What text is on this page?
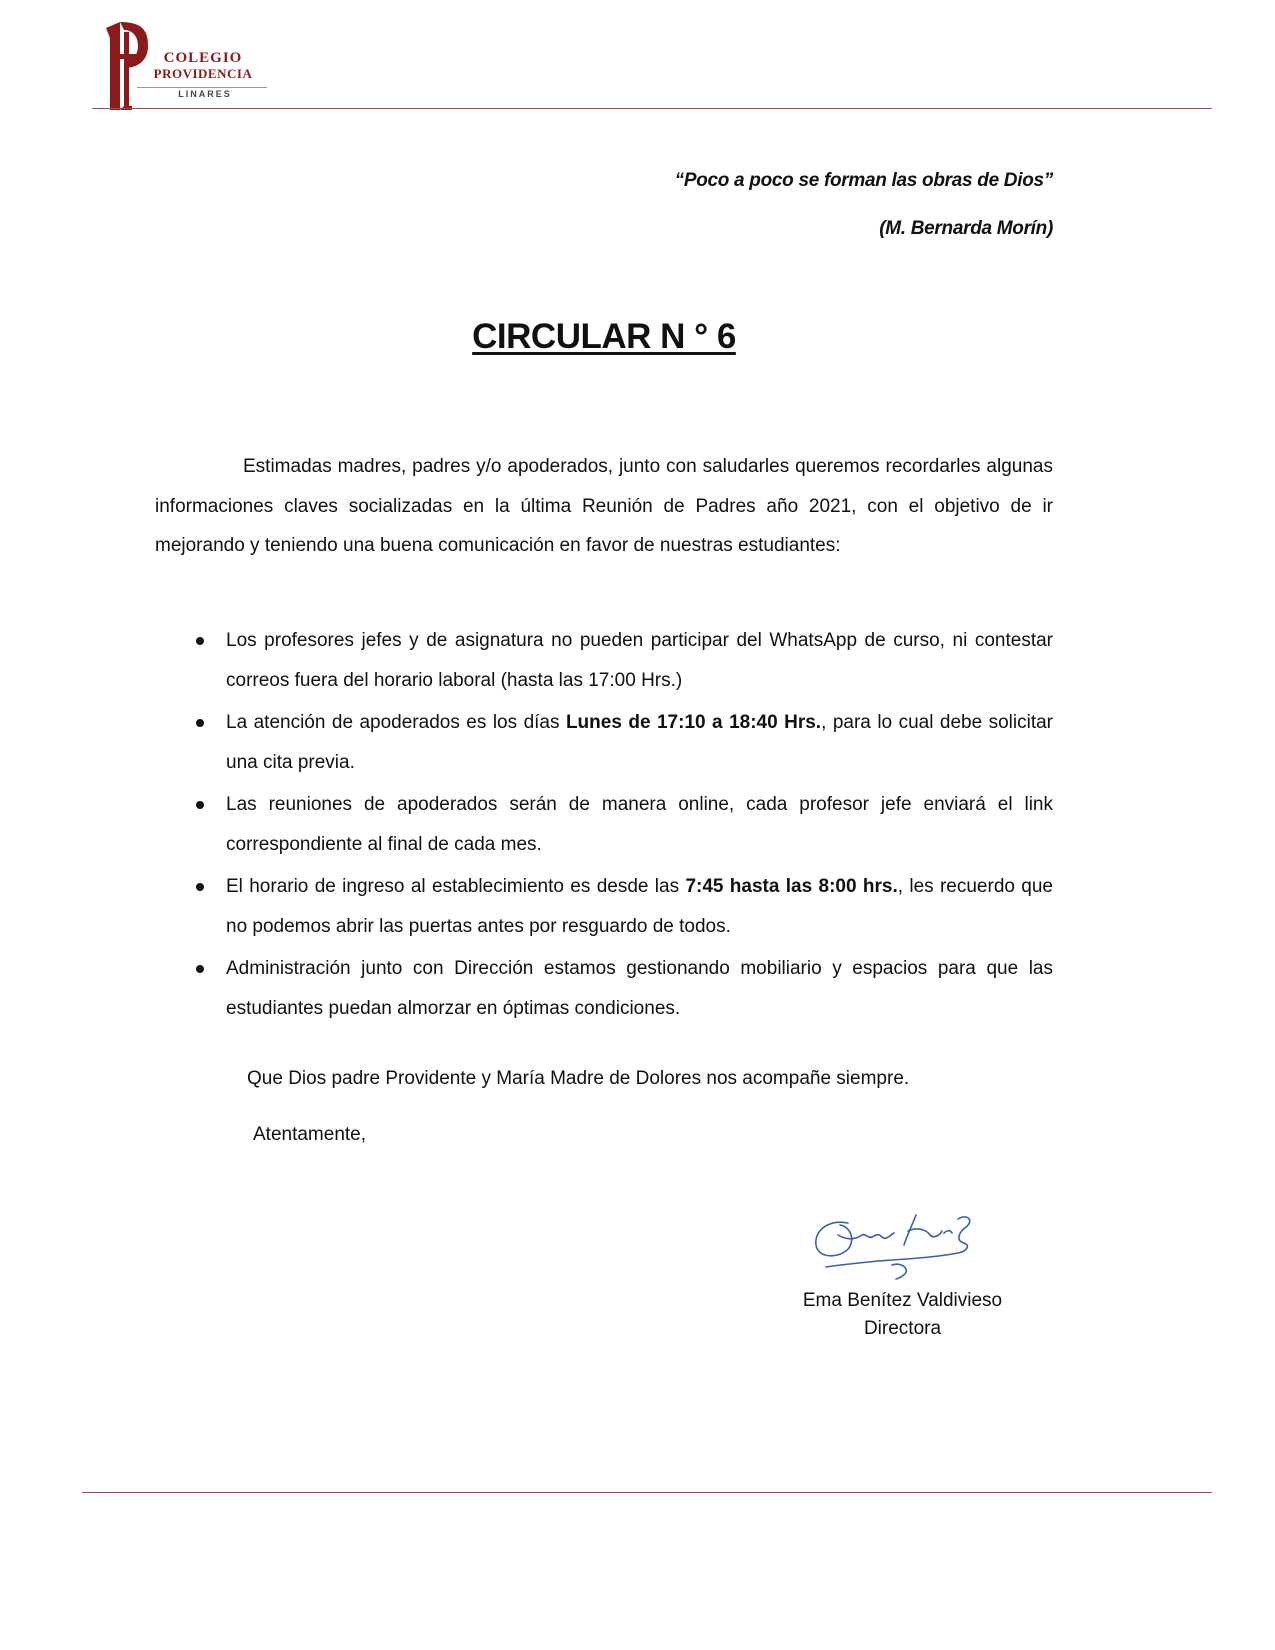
COLEGIO
PROVIDENCIA
LINARES
“Poco a poco se forman las obras de Dios”
(M. Bernarda Morín)
CIRCULAR N ° 6

Estimadas madres, padres y/o apoderados, junto con saludarles queremos recordarles algunas informaciones claves socializadas en la última Reunión de Padres año 2021, con el objetivo de ir mejorando y teniendo una buena comunicación en favor de nuestras estudiantes:

Los profesores jefes y de asignatura no pueden participar del WhatsApp de curso, ni contestar correos fuera del horario laboral (hasta las 17:00 Hrs.)
La atención de apoderados es los días Lunes de 17:10 a 18:40 Hrs., para lo cual debe solicitar una cita previa.
Las reuniones de apoderados serán de manera online, cada profesor jefe enviará el link correspondiente al final de cada mes.
El horario de ingreso al establecimiento es desde las 7:45 hasta las 8:00 hrs., les recuerdo que no podemos abrir las puertas antes por resguardo de todos.
Administración junto con Dirección estamos gestionando mobiliario y espacios para que las estudiantes puedan almorzar en óptimas condiciones.
Que Dios padre Providente y María Madre de Dolores nos acompañe siempre.
Atentamente,
Ema Benítez Valdivieso
Directora
